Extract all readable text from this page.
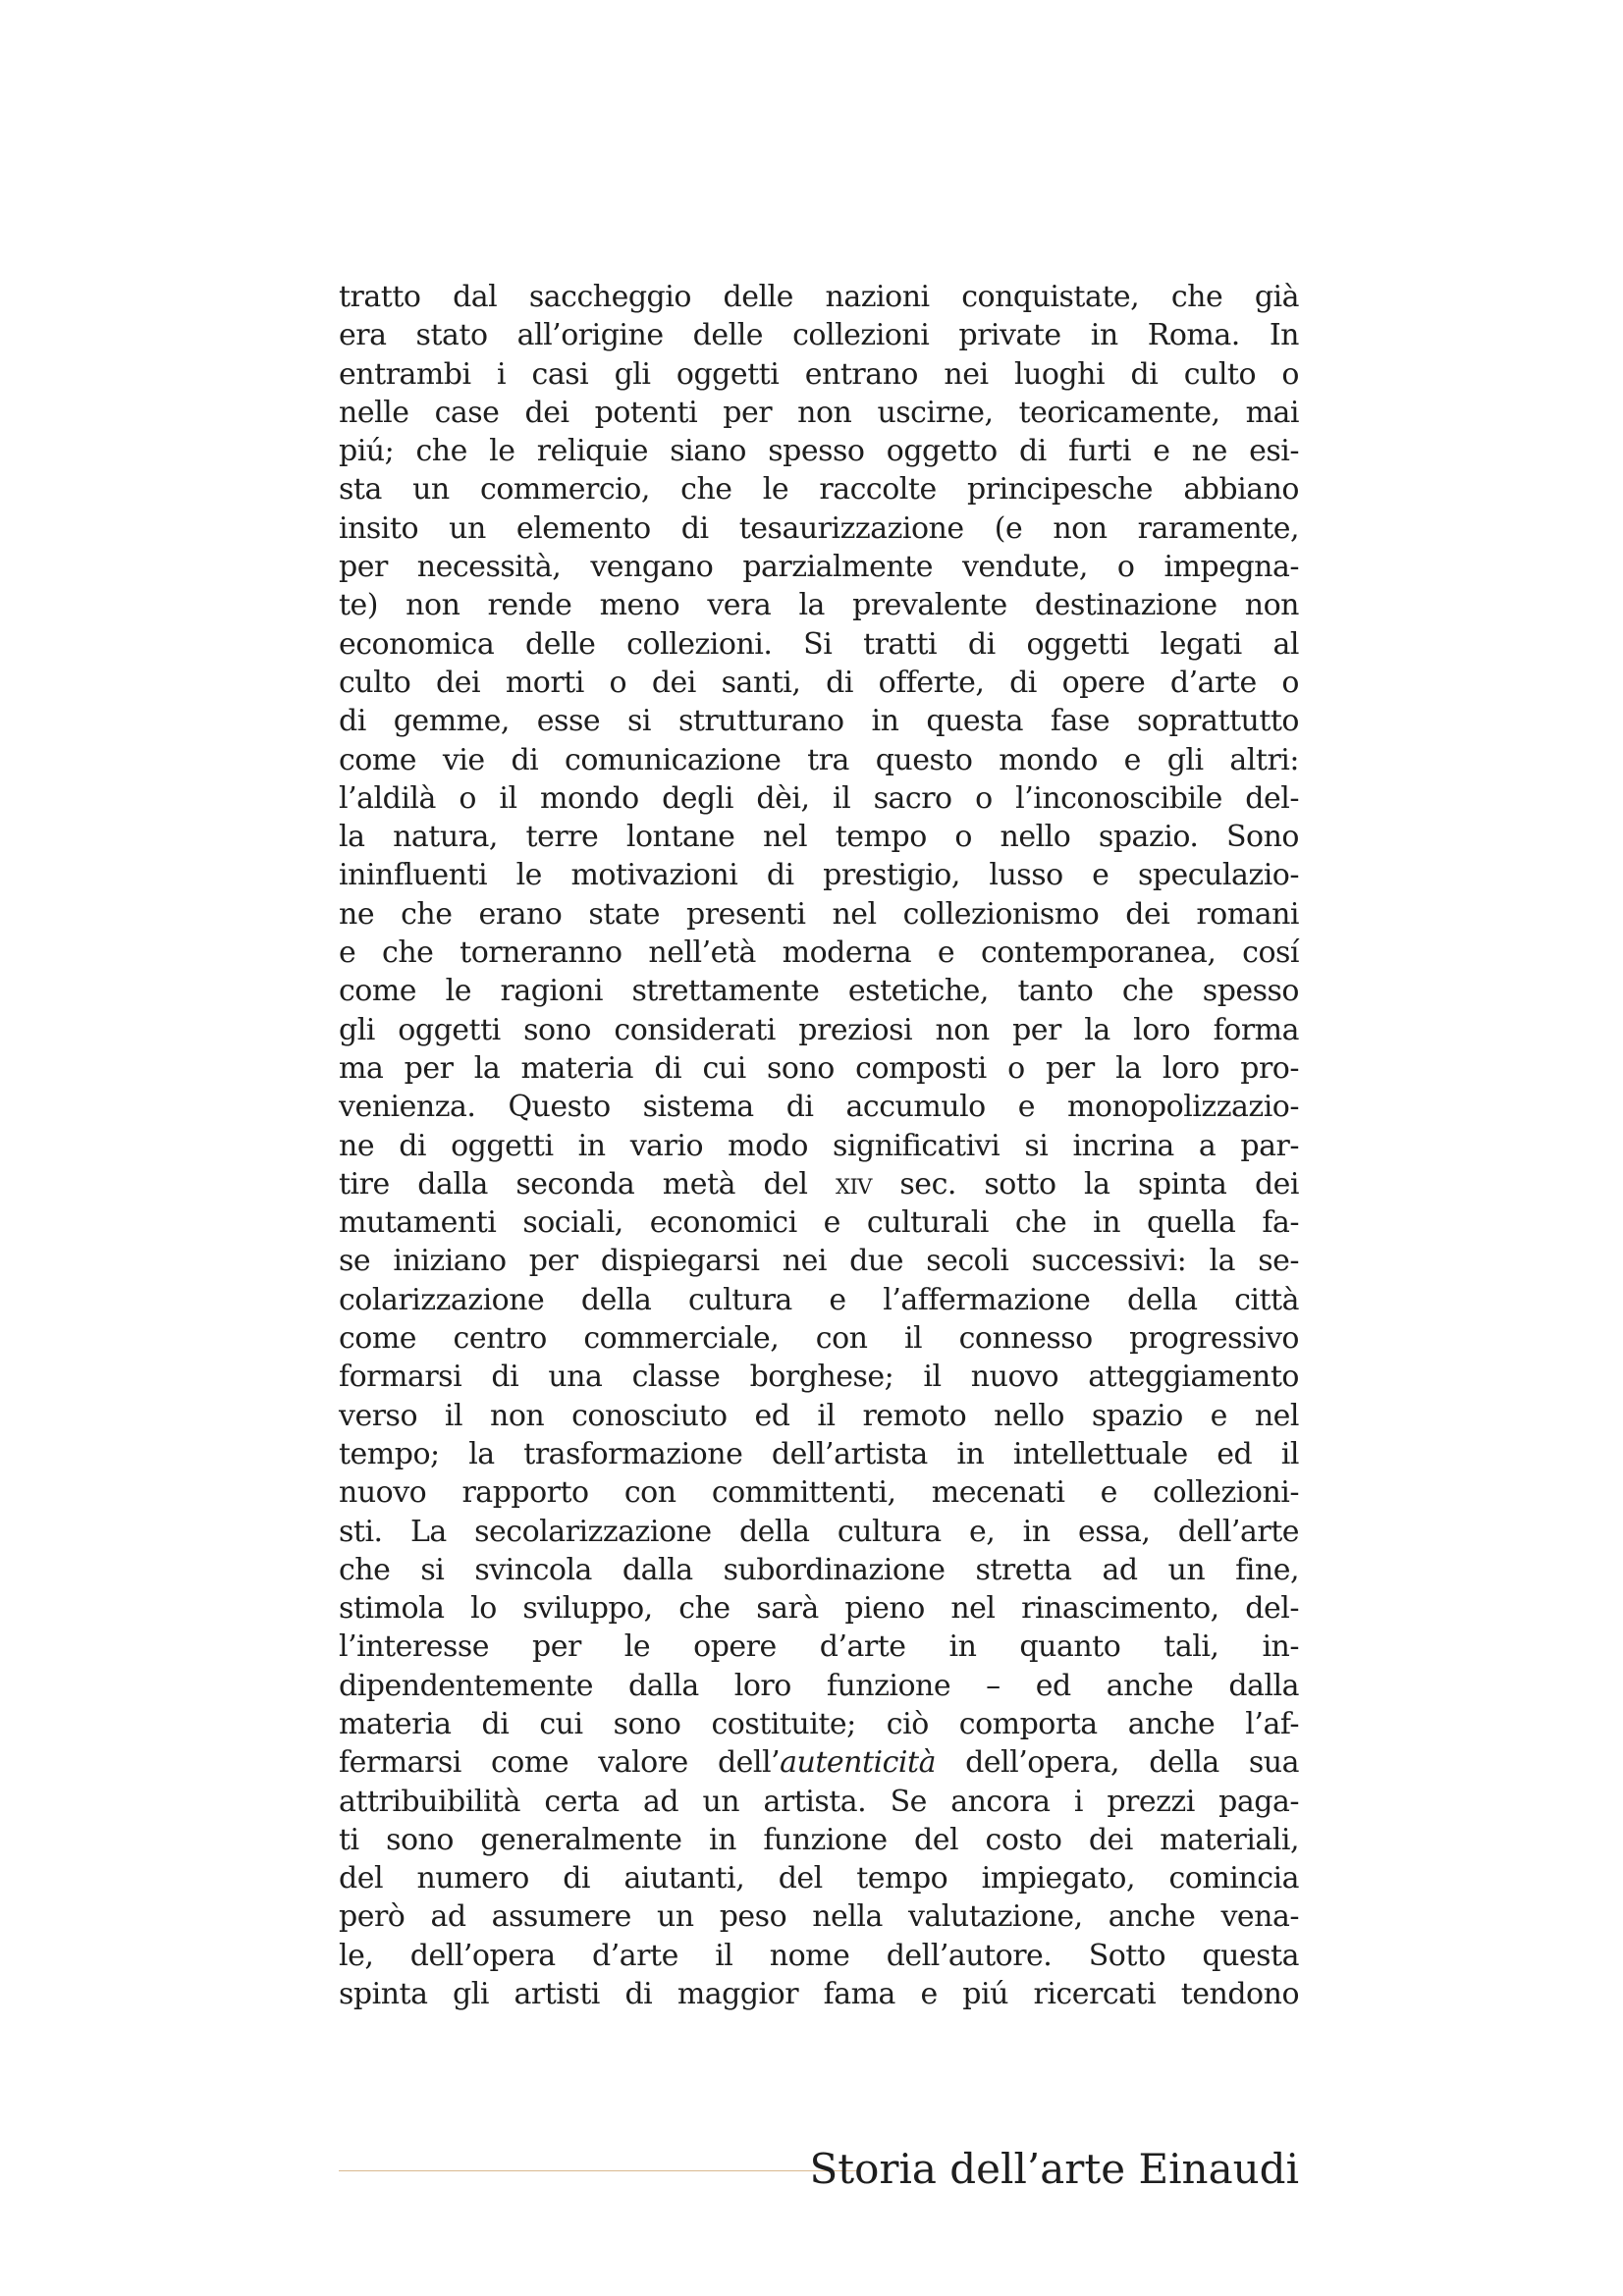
tratto dal saccheggio delle nazioni conquistate, che già
era stato all’origine delle collezioni private in Roma. In
entrambi i casi gli oggetti entrano nei luoghi di culto o
nelle case dei potenti per non uscirne, teoricamente, mai
piú; che le reliquie siano spesso oggetto di furti e ne esi-
sta un commercio, che le raccolte principesche abbiano
insito un elemento di tesaurizzazione (e non raramente,
per necessità, vengano parzialmente vendute, o impegna-
te) non rende meno vera la prevalente destinazione non
economica delle collezioni. Si tratti di oggetti legati al
culto dei morti o dei santi, di offerte, di opere d’arte o
di gemme, esse si strutturano in questa fase soprattutto
come vie di comunicazione tra questo mondo e gli altri:
l’aldilà o il mondo degli dèi, il sacro o l’inconoscibile del-
la natura, terre lontane nel tempo o nello spazio. Sono
ininfluenti le motivazioni di prestigio, lusso e speculazio-
ne che erano state presenti nel collezionismo dei romani
e che torneranno nell’età moderna e contemporanea, cosí
come le ragioni strettamente estetiche, tanto che spesso
gli oggetti sono considerati preziosi non per la loro forma
ma per la materia di cui sono composti o per la loro pro-
venienza. Questo sistema di accumulo e monopolizzazio-
ne di oggetti in vario modo significativi si incrina a par-
tire dalla seconda metà del xiv sec. sotto la spinta dei
mutamenti sociali, economici e culturali che in quella fa-
se iniziano per dispiegarsi nei due secoli successivi: la se-
colarizzazione della cultura e l’affermazione della città
come centro commerciale, con il connesso progressivo
formarsi di una classe borghese; il nuovo atteggiamento
verso il non conosciuto ed il remoto nello spazio e nel
tempo; la trasformazione dell’artista in intellettuale ed il
nuovo rapporto con committenti, mecenati e collezioni-
sti. La secolarizzazione della cultura e, in essa, dell’arte
che si svincola dalla subordinazione stretta ad un fine,
stimola lo sviluppo, che sarà pieno nel rinascimento, del-
l’interesse per le opere d’arte in quanto tali, in-
dipendentemente dalla loro funzione – ed anche dalla
materia di cui sono costituite; ciò comporta anche l’af-
fermarsi come valore dell’autenticità dell’opera, della sua
attribuibilità certa ad un artista. Se ancora i prezzi paga-
ti sono generalmente in funzione del costo dei materiali,
del numero di aiutanti, del tempo impiegato, comincia
però ad assumere un peso nella valutazione, anche vena-
le, dell’opera d’arte il nome dell’autore. Sotto questa
spinta gli artisti di maggior fama e piú ricercati tendono
Storia dell’arte Einaudi
